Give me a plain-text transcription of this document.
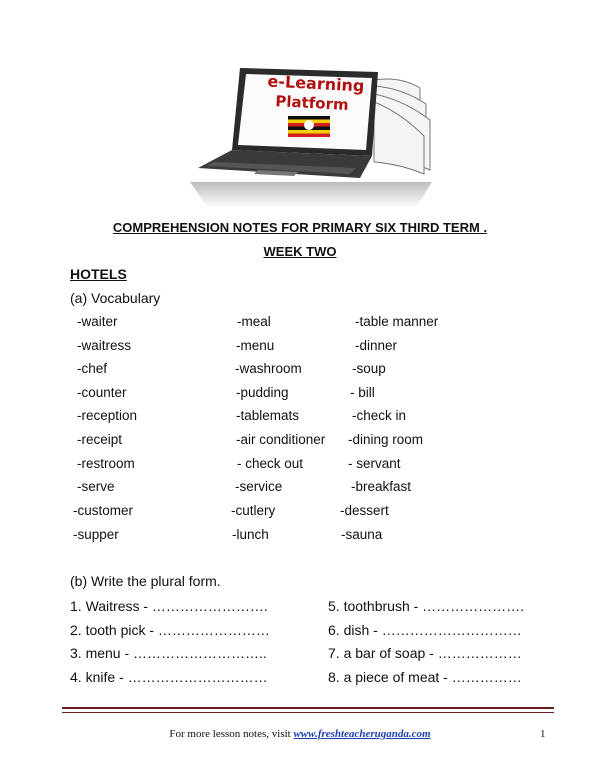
e-Learning
Platform
COMPREHENSION NOTES FOR PRIMARY SIX THIRD TERM .
WEEK TWO
HOTELS
(a) Vocabulary
-waiter	-meal	-table manner
-waitress	-menu	-dinner
-chef	-washroom	-soup
-counter	-pudding	- bill
-reception	-tablemats	-check in
-receipt	-air conditioner -dining room
-restroom	- check out	- servant
-serve	-service	-breakfast
-customer	-cutlery	-dessert
-supper	-lunch	-sauna
(b) Write the plural form.
1. Waitress - …………………….
2. tooth pick - ……………………
3. menu - ………………………..
4. knife - …………………………
5. toothbrush - ………………….
6. dish - …………………………
7. a bar of soap - ………………
8. a piece of meat - ……………
For more lesson notes, visit www.freshteacheruganda.com	1
